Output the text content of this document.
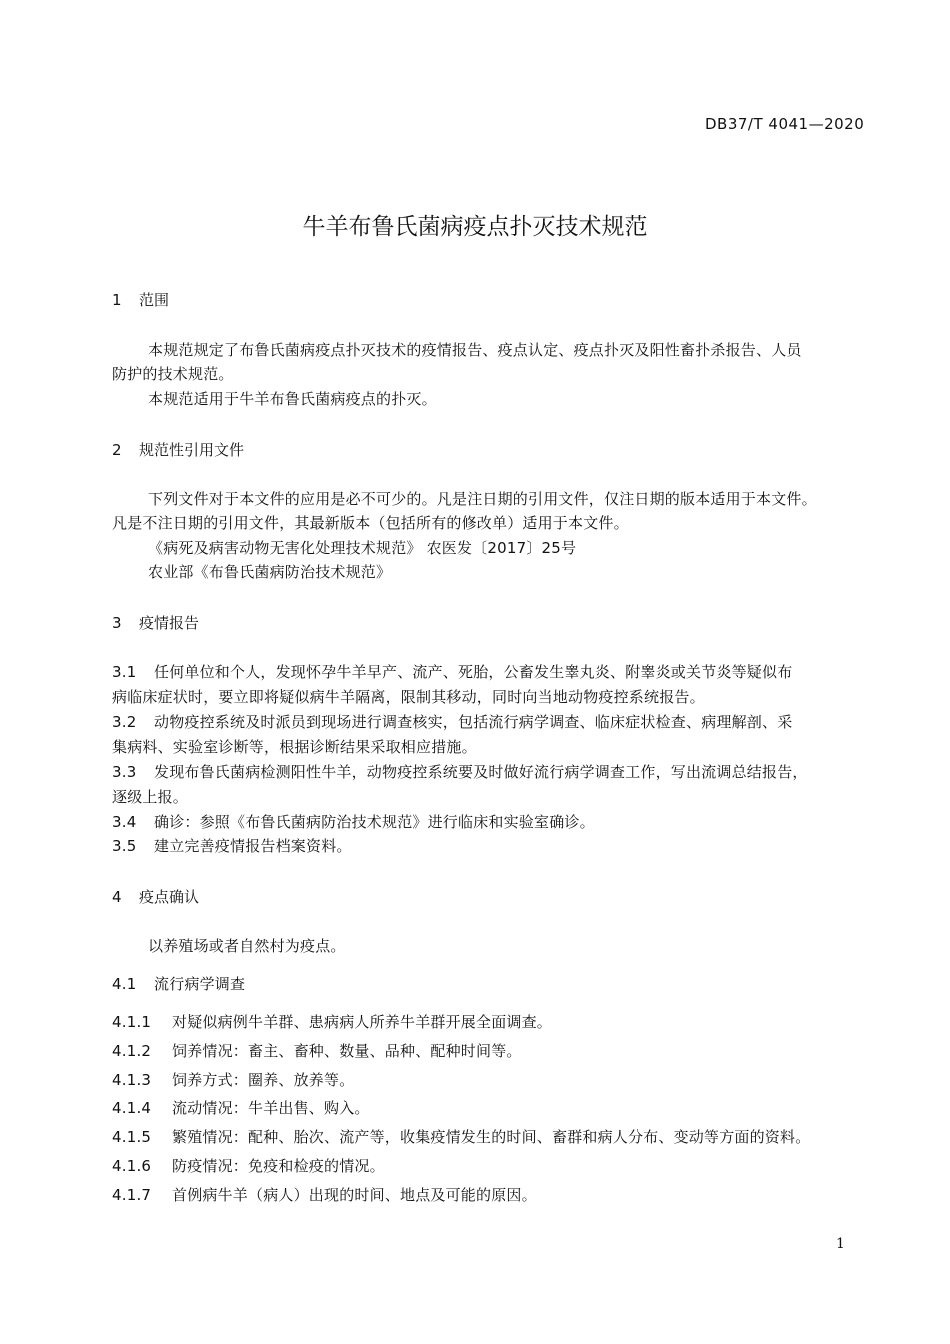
DB37/T 4041—2020
牛羊布鲁氏菌病疫点扑灭技术规范
1 范围
本规范规定了布鲁氏菌病疫点扑灭技术的疫情报告、疫点认定、疫点扑灭及阳性畜扑杀报告、人员
防护的技术规范。
本规范适用于牛羊布鲁氏菌病疫点的扑灭。
2 规范性引用文件
下列文件对于本文件的应用是必不可少的。凡是注日期的引用文件，仅注日期的版本适用于本文件。
凡是不注日期的引用文件，其最新版本（包括所有的修改单）适用于本文件。
《病死及病害动物无害化处理技术规范》 农医发〔2017〕25号
农业部《布鲁氏菌病防治技术规范》
3 疫情报告
3.1 任何单位和个人，发现怀孕牛羊早产、流产、死胎，公畜发生睾丸炎、附睾炎或关节炎等疑似布
病临床症状时，要立即将疑似病牛羊隔离，限制其移动，同时向当地动物疫控系统报告。
3.2 动物疫控系统及时派员到现场进行调查核实，包括流行病学调查、临床症状检查、病理解剖、采
集病料、实验室诊断等，根据诊断结果采取相应措施。
3.3 发现布鲁氏菌病检测阳性牛羊，动物疫控系统要及时做好流行病学调查工作，写出流调总结报告，
逐级上报。
3.4 确诊：参照《布鲁氏菌病防治技术规范》进行临床和实验室确诊。
3.5 建立完善疫情报告档案资料。
4 疫点确认
以养殖场或者自然村为疫点。
4.1 流行病学调查
4.1.1 对疑似病例牛羊群、患病病人所养牛羊群开展全面调查。
4.1.2 饲养情况：畜主、畜种、数量、品种、配种时间等。
4.1.3 饲养方式：圈养、放养等。
4.1.4 流动情况：牛羊出售、购入。
4.1.5 繁殖情况：配种、胎次、流产等，收集疫情发生的时间、畜群和病人分布、变动等方面的资料。
4.1.6 防疫情况：免疫和检疫的情况。
4.1.7 首例病牛羊（病人）出现的时间、地点及可能的原因。
1
